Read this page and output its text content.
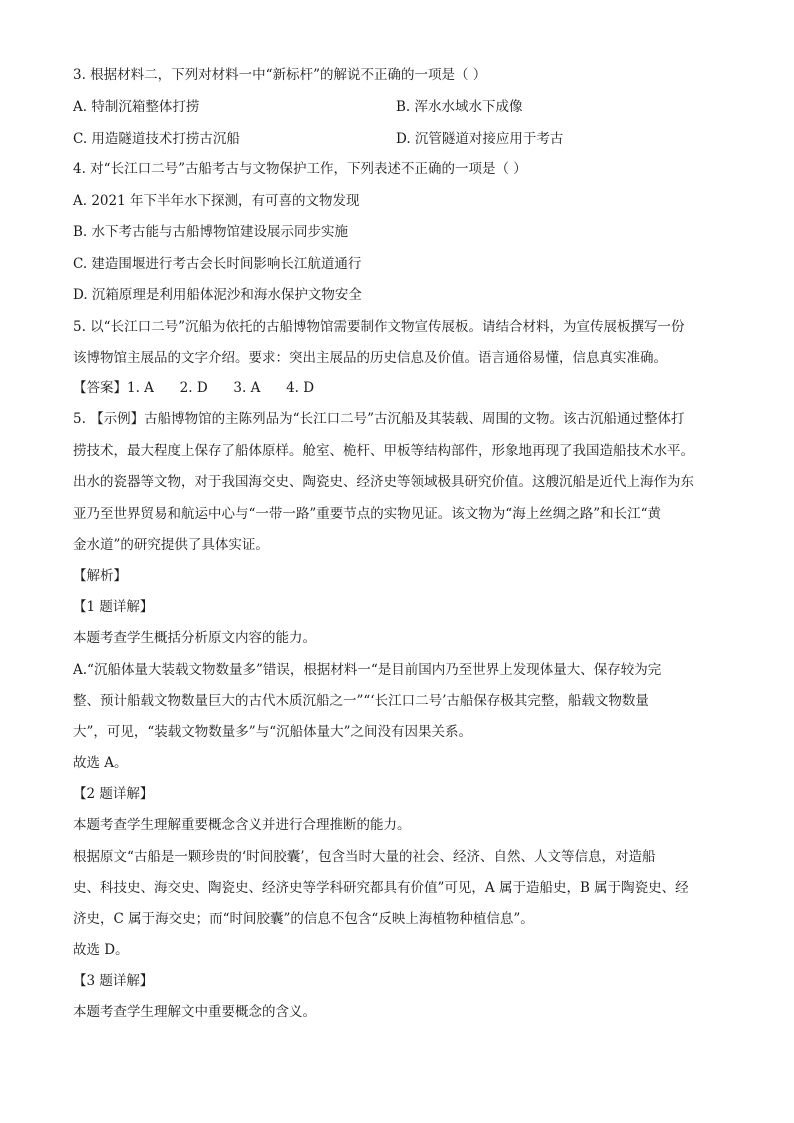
3. 根据材料二，下列对材料一中“新标杆”的解说不正确的一项是（ ）
A. 特制沉箱整体打捞	B. 浑水水域水下成像
C. 用造隧道技术打捞古沉船	D. 沉管隧道对接应用于考古
4. 对“长江口二号”古船考古与文物保护工作，下列表述不正确的一项是（ ）
A. 2021 年下半年水下探测，有可喜的文物发现
B. 水下考古能与古船博物馆建设展示同步实施
C. 建造围堰进行考古会长时间影响长江航道通行
D. 沉箱原理是利用船体泥沙和海水保护文物安全
5. 以“长江口二号”沉船为依托的古船博物馆需要制作文物宣传展板。请结合材料，为宣传展板撰写一份
该博物馆主展品的文字介绍。要求：突出主展品的历史信息及价值。语言通俗易懂，信息真实准确。
【答案】1. A      2. D      3. A      4. D
5. 【示例】古船博物馆的主陈列品为“长江口二号”古沉船及其装载、周围的文物。该古沉船通过整体打
捞技术，最大程度上保存了船体原样。舱室、桅杆、甲板等结构部件，形象地再现了我国造船技术水平。
出水的瓷器等文物，对于我国海交史、陶瓷史、经济史等领域极具研究价值。这艘沉船是近代上海作为东
亚乃至世界贸易和航运中心与“一带一路”重要节点的实物见证。该文物为“海上丝绸之路”和长江“黄
金水道”的研究提供了具体实证。
【解析】
【1 题详解】
本题考查学生概括分析原文内容的能力。
A.“沉船体量大装载文物数量多”错误，根据材料一“是目前国内乃至世界上发现体量大、保存较为完
整、预计船载文物数量巨大的古代木质沉船之一”“‘长江口二号’古船保存极其完整，船载文物数量
大”，可见，“装载文物数量多”与“沉船体量大”之间没有因果关系。
故选 A。
【2 题详解】
本题考查学生理解重要概念含义并进行合理推断的能力。
根据原文“古船是一颗珍贵的‘时间胶囊’，包含当时大量的社会、经济、自然、人文等信息，对造船
史、科技史、海交史、陶瓷史、经济史等学科研究都具有价值”可见，A 属于造船史，B 属于陶瓷史、经
济史，C 属于海交史；而“时间胶囊”的信息不包含“反映上海植物种植信息”。
故选 D。
【3 题详解】
本题考查学生理解文中重要概念的含义。
